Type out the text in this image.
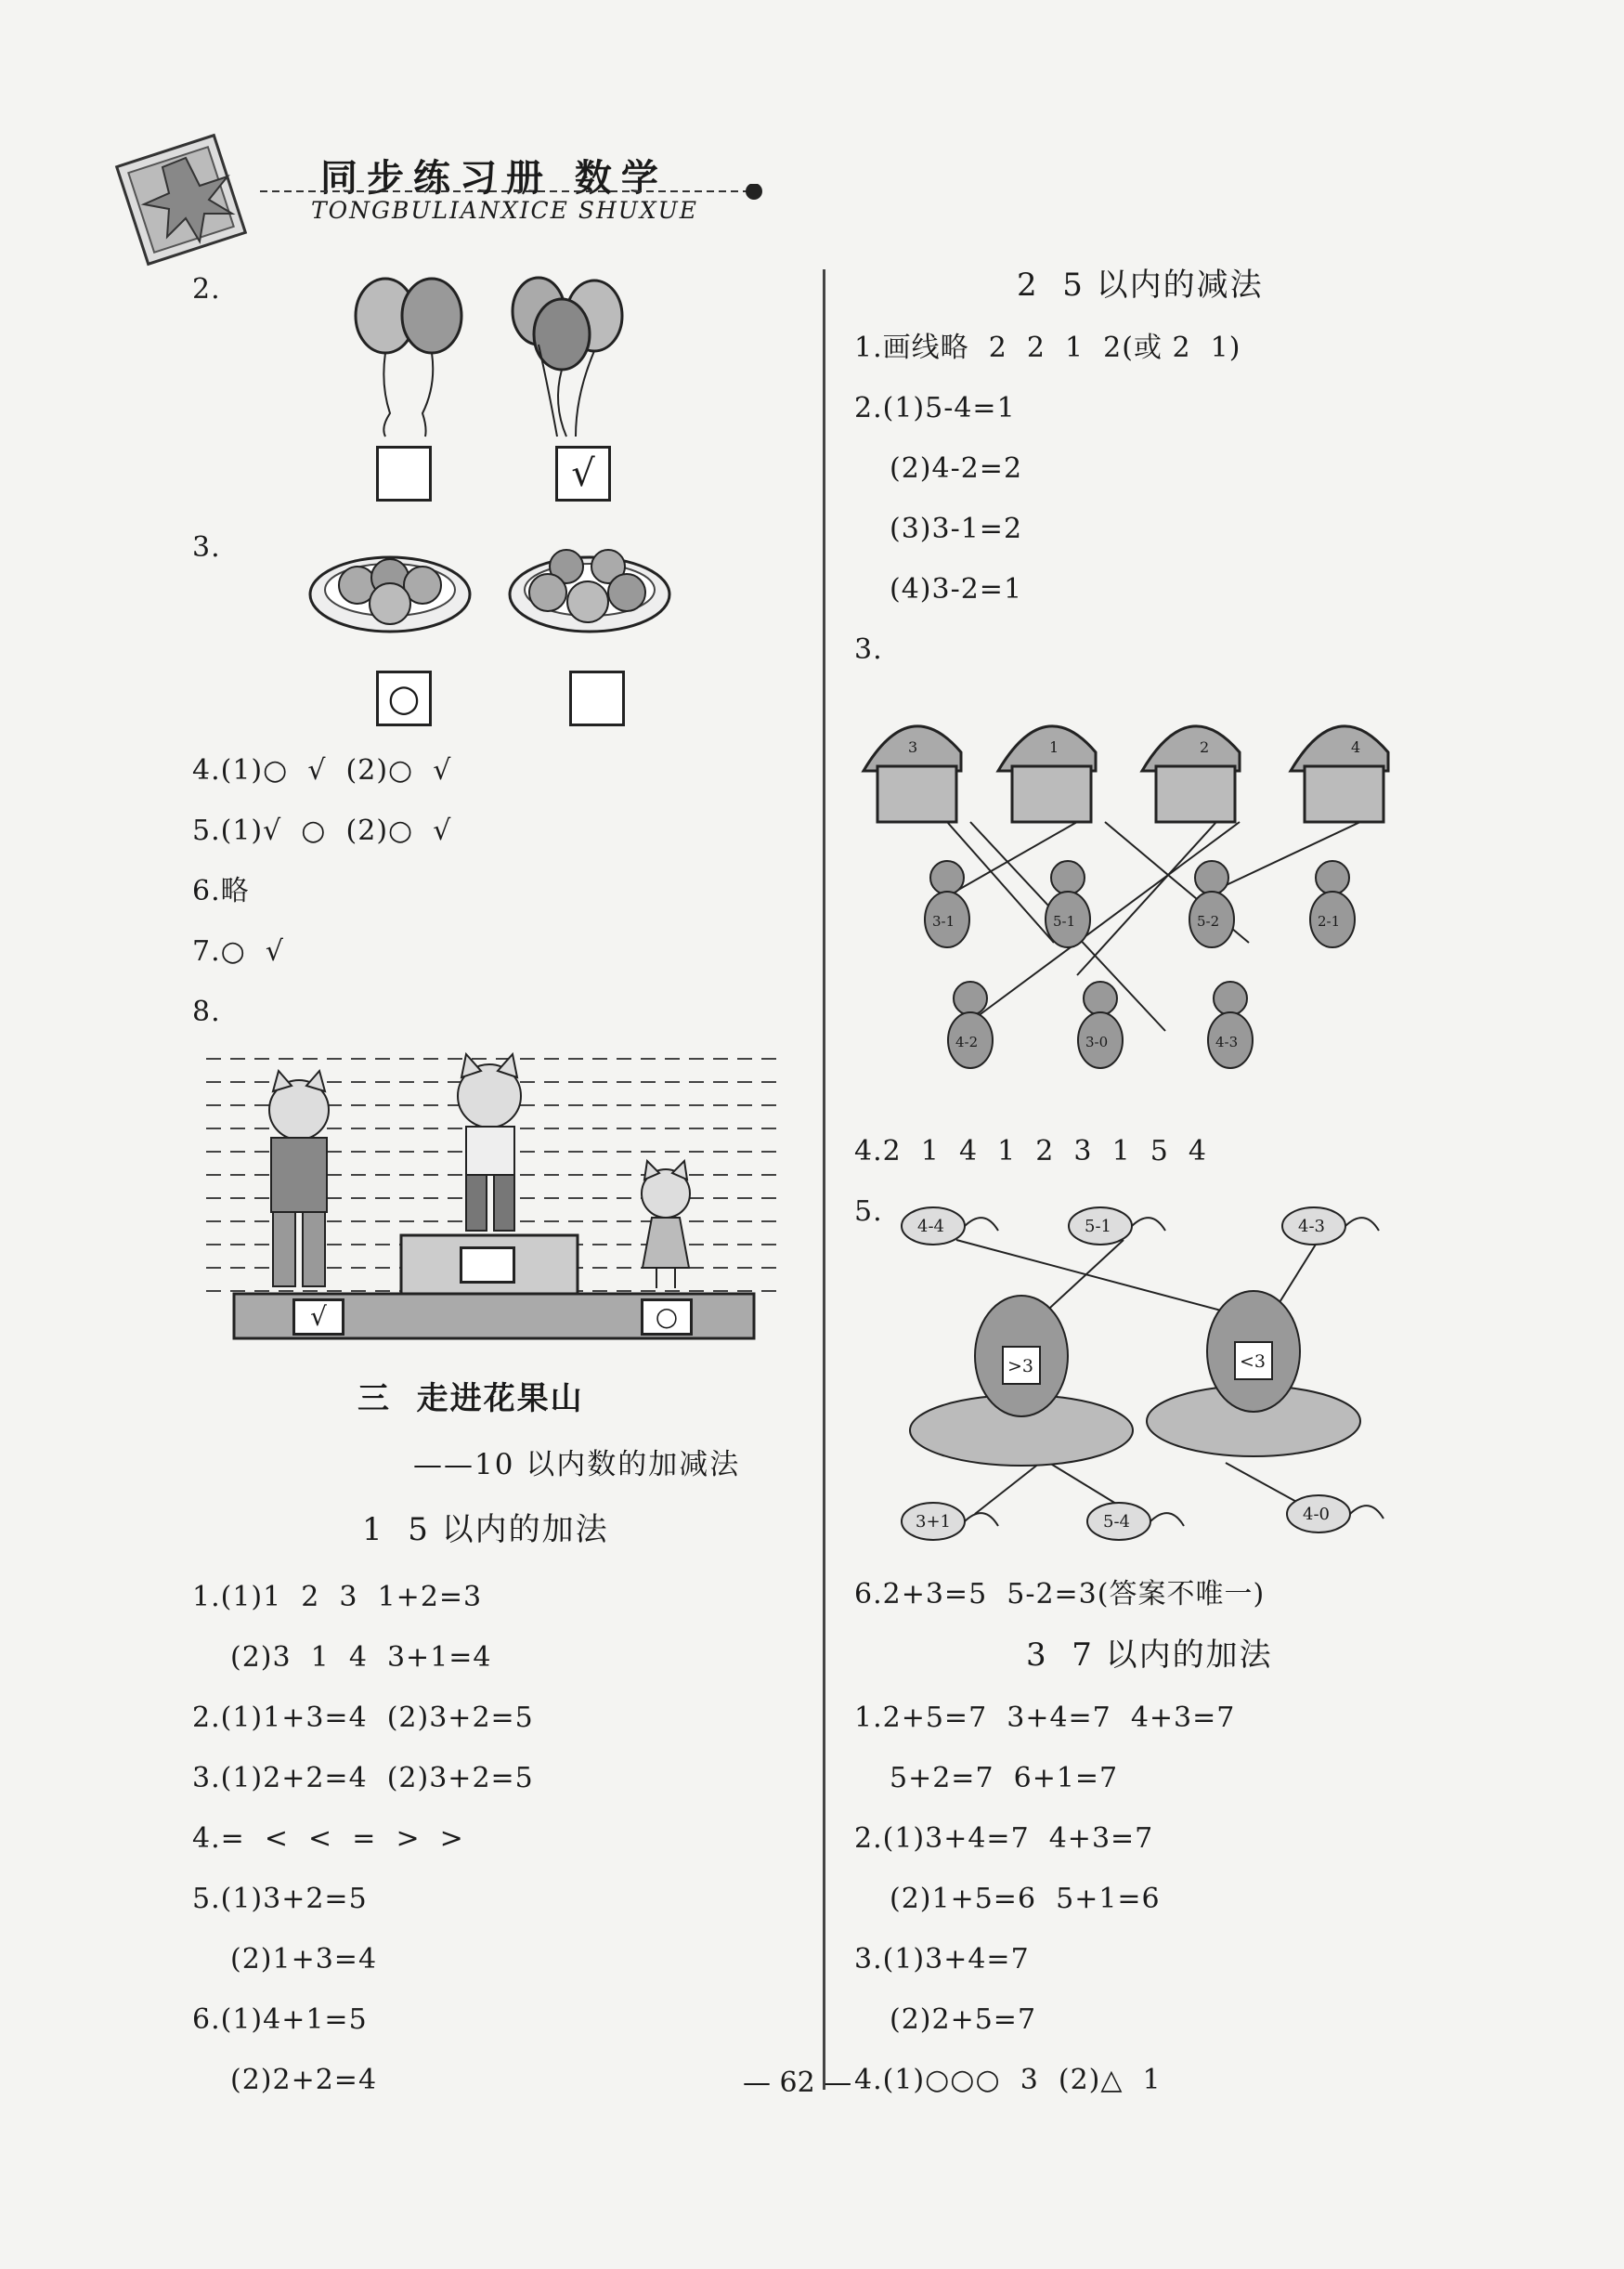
同步练习册 数学
TONGBULIANXICE SHUXUE
2.
√
3.
○
4.(1)○  √  (2)○  √
5.(1)√  ○  (2)○  √
6.略
7.○  √
8.
√	○
三  走进花果山
——10 以内数的加减法
1  5 以内的加法
1.(1)1  2  3  1+2=3
(2)3  1  4  3+1=4
2.(1)1+3=4  (2)3+2=5
3.(1)2+2=4  (2)3+2=5
4.=  <  <  =  >  >
5.(1)3+2=5
(2)1+3=4
6.(1)4+1=5
(2)2+2=4
2  5 以内的减法
1.画线略  2  2  1  2(或 2  1)
2.(1)5-4=1
(2)4-2=2
(3)3-1=2
(4)3-2=1
3.
3	1	2	4
3-1	5-1	5-2	2-1
4-2	3-0	4-3
4.2  1  4  1  2  3  1  5  4
5. 4-4	5-1	4-3
>3	<3
3+1	5-4	4-0
6.2+3=5  5-2=3(答案不唯一)
3  7 以内的加法
1.2+5=7  3+4=7  4+3=7
5+2=7  6+1=7
2.(1)3+4=7  4+3=7
(2)1+5=6  5+1=6
3.(1)3+4=7
(2)2+5=7
4.(1)○○○  3  (2)△  1
— 62 —
